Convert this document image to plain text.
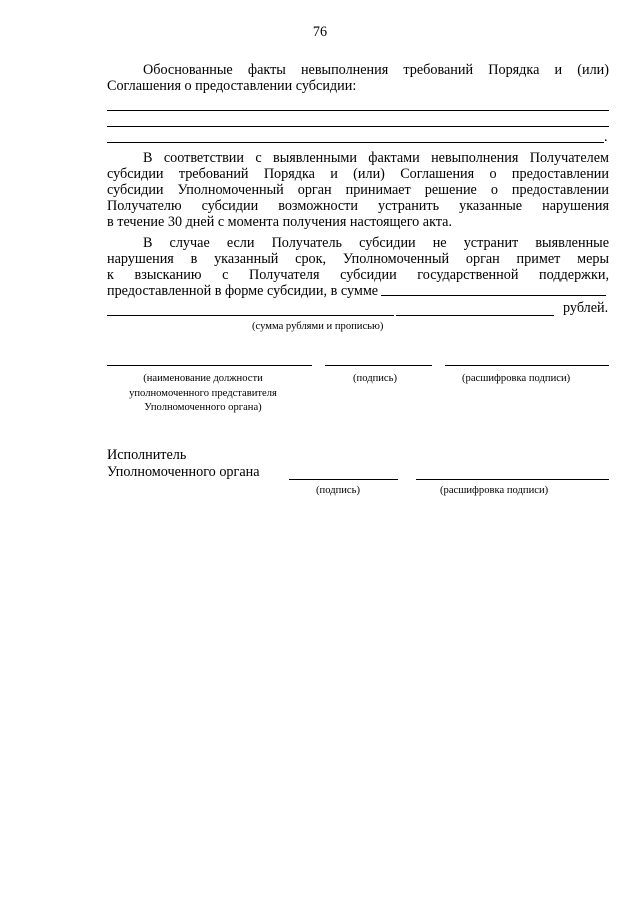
76
Обоснованные факты невыполнения требований Порядка и (или)
Соглашения о предоставлении субсидии:
.
В соответствии с выявленными фактами невыполнения Получателем
субсидии требований Порядка и (или) Соглашения о предоставлении
субсидии Уполномоченный орган принимает решение о предоставлении
Получателю субсидии возможности устранить указанные нарушения
в течение 30 дней с момента получения настоящего акта.
В случае если Получатель субсидии не устранит выявленные
нарушения в указанный срок, Уполномоченный орган примет меры
к взысканию с Получателя субсидии государственной поддержки,
предоставленной в форме субсидии, в сумме
рублей.
(сумма рублями и прописью)
(наименование должности уполномоченного представителя Уполномоченного органа)
(подпись)	(расшифровка подписи)
Исполнитель
Уполномоченного органа
(подпись)	(расшифровка подписи)
